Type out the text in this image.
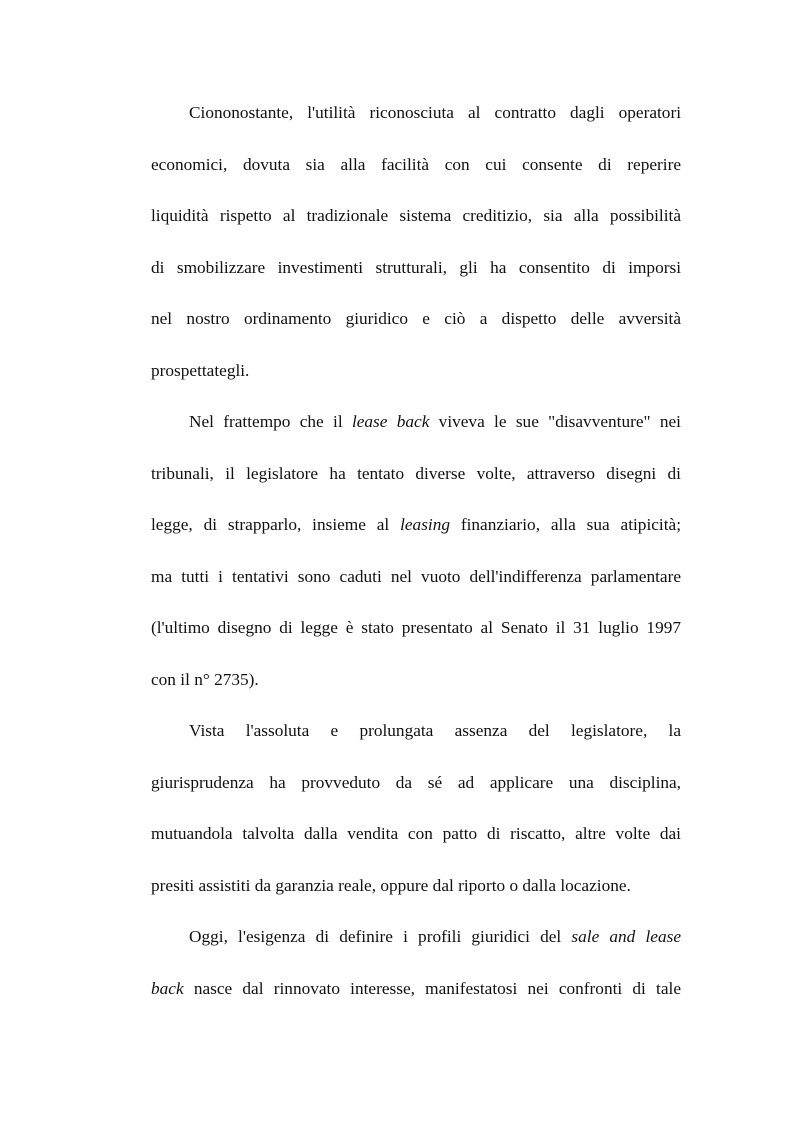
Ciononostante, l'utilità riconosciuta al contratto dagli operatori
economici, dovuta sia alla facilità con cui consente di reperire
liquidità rispetto al tradizionale sistema creditizio, sia alla possibilità
di smobilizzare investimenti strutturali, gli ha consentito di imporsi
nel nostro ordinamento giuridico e ciò a dispetto delle avversità
prospettategli.
Nel frattempo che il lease back viveva le sue "disavventure" nei
tribunali, il legislatore ha tentato diverse volte, attraverso disegni di
legge, di strapparlo, insieme al leasing finanziario, alla sua atipicità;
ma tutti i tentativi sono caduti nel vuoto dell'indifferenza parlamentare
(l'ultimo disegno di legge è stato presentato al Senato il 31 luglio 1997
con il n° 2735).
Vista l'assoluta e prolungata assenza del legislatore, la
giurisprudenza ha provveduto da sé ad applicare una disciplina,
mutuandola talvolta dalla vendita con patto di riscatto, altre volte dai
presiti assistiti da garanzia reale, oppure dal riporto o dalla locazione.
Oggi, l'esigenza di definire i profili giuridici del sale and lease
back nasce dal rinnovato interesse, manifestatosi nei confronti di tale
